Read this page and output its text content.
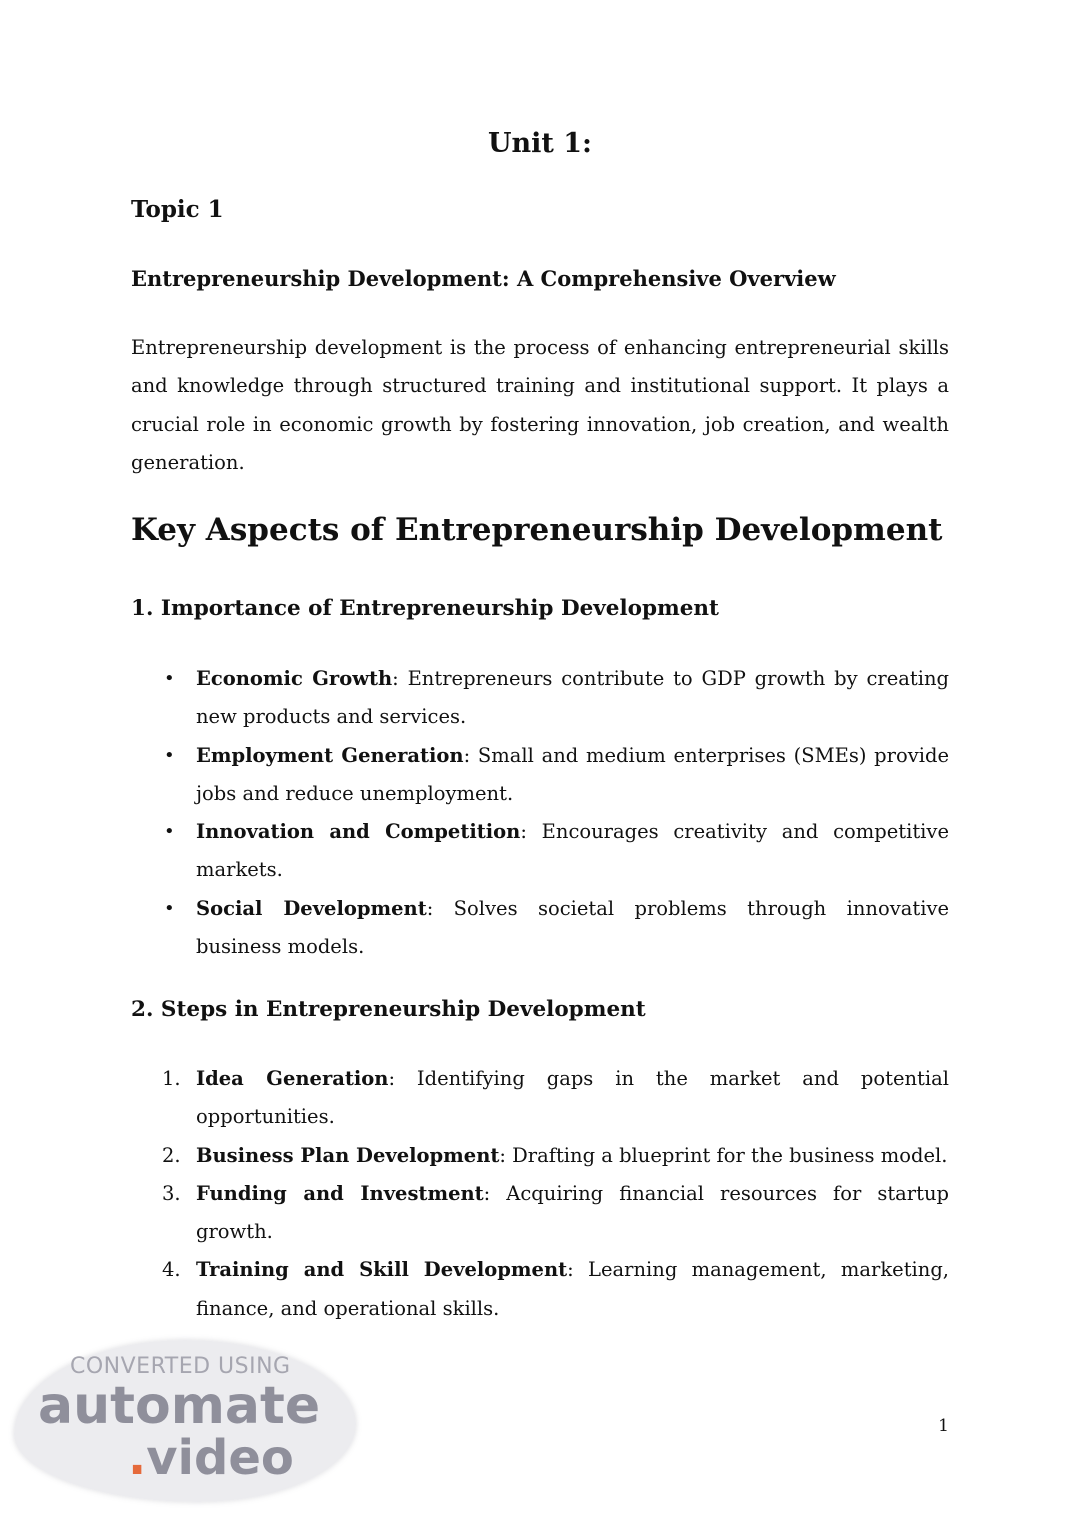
Unit 1:
Topic 1
Entrepreneurship Development: A Comprehensive Overview

Entrepreneurship development is the process of enhancing entrepreneurial skills and knowledge through structured training and institutional support. It plays a crucial role in economic growth by fostering innovation, job creation, and wealth generation.

Key Aspects of Entrepreneurship Development
1. Importance of Entrepreneurship Development
• Economic Growth: Entrepreneurs contribute to GDP growth by creating new products and services.
• Employment Generation: Small and medium enterprises (SMEs) provide jobs and reduce unemployment.
• Innovation and Competition: Encourages creativity and competitive markets.
• Social Development: Solves societal problems through innovative business models.
2. Steps in Entrepreneurship Development
1. Idea Generation: Identifying gaps in the market and potential opportunities.
2. Business Plan Development: Drafting a blueprint for the business model.
3. Funding and Investment: Acquiring financial resources for startup growth.
4. Training and Skill Development: Learning management, marketing, finance, and operational skills.

1

CONVERTED USING

automate

.video
